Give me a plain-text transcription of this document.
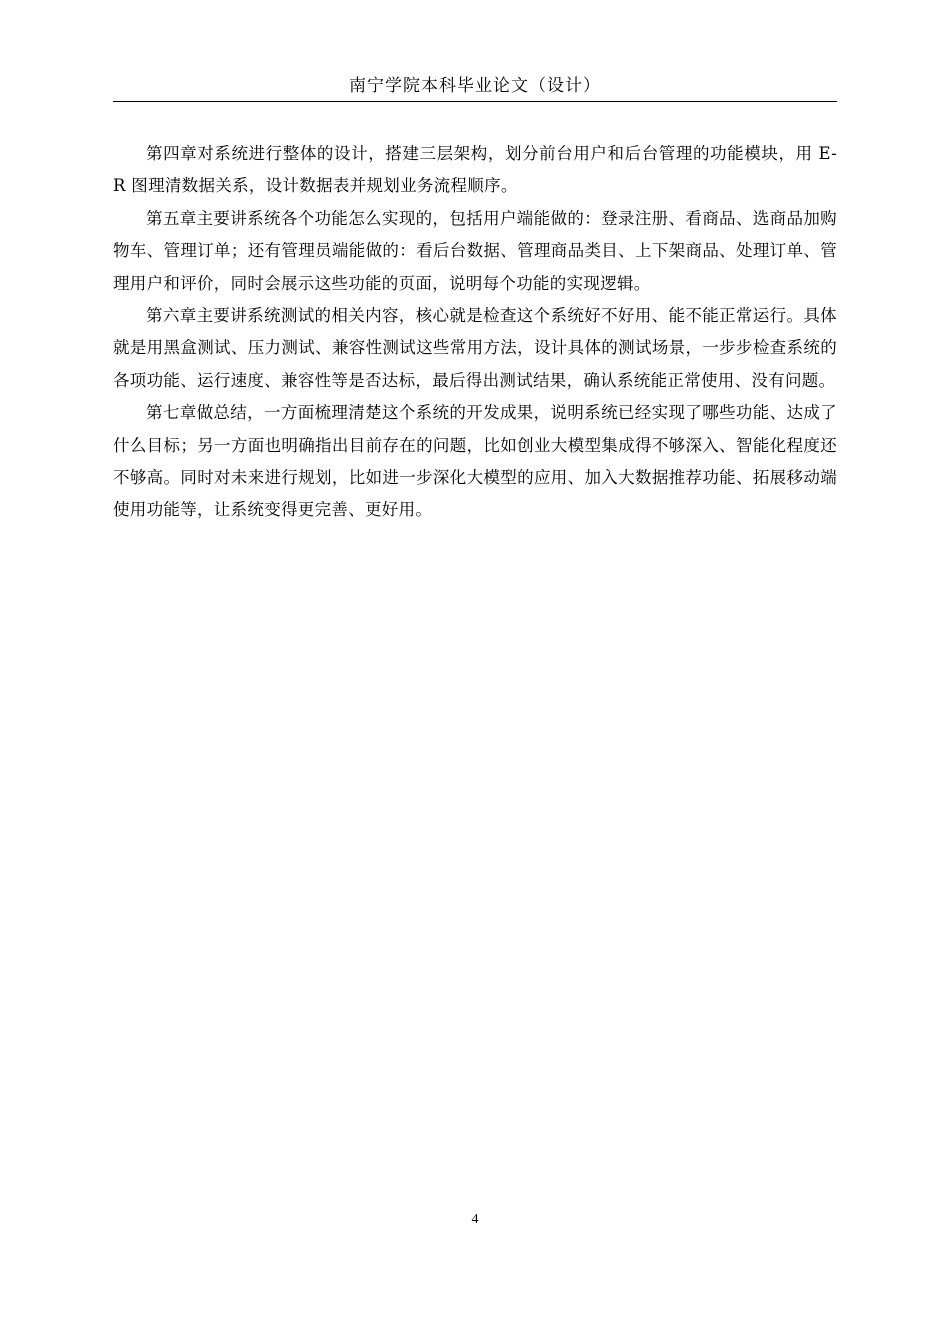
南宁学院本科毕业论文（设计）

第四章对系统进行整体的设计，搭建三层架构，划分前台用户和后台管理的功能模块，用 E-R 图理清数据关系，设计数据表并规划业务流程顺序。

第五章主要讲系统各个功能怎么实现的，包括用户端能做的：登录注册、看商品、选商品加购物车、管理订单；还有管理员端能做的：看后台数据、管理商品类目、上下架商品、处理订单、管理用户和评价，同时会展示这些功能的页面，说明每个功能的实现逻辑。

第六章主要讲系统测试的相关内容，核心就是检查这个系统好不好用、能不能正常运行。具体就是用黑盒测试、压力测试、兼容性测试这些常用方法，设计具体的测试场景，一步步检查系统的各项功能、运行速度、兼容性等是否达标，最后得出测试结果，确认系统能正常使用、没有问题。

第七章做总结，一方面梳理清楚这个系统的开发成果，说明系统已经实现了哪些功能、达成了什么目标；另一方面也明确指出目前存在的问题，比如创业大模型集成得不够深入、智能化程度还不够高。同时对未来进行规划，比如进一步深化大模型的应用、加入大数据推荐功能、拓展移动端使用功能等，让系统变得更完善、更好用。

4
